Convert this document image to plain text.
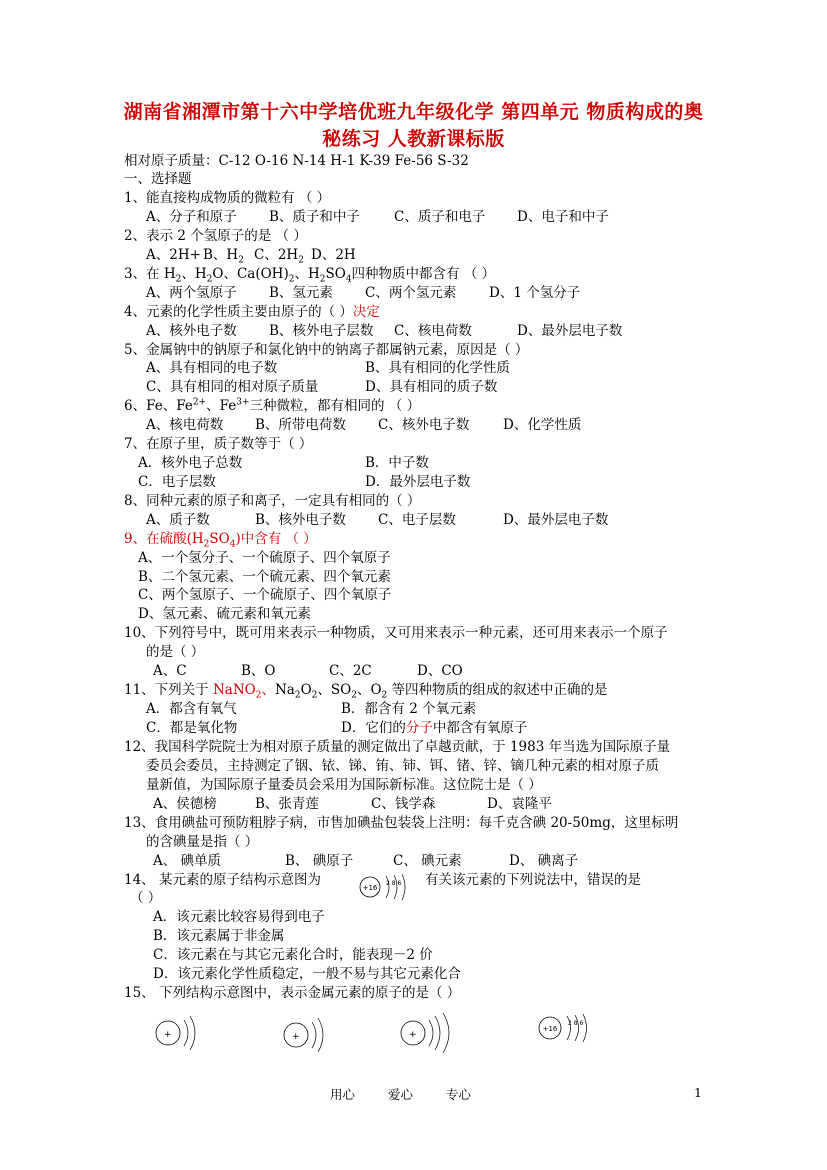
湖南省湘潭市第十六中学培优班九年级化学 第四单元 物质构成的奥
秘练习 人教新课标版
相对原子质量：C-12 O-16 N-14 H-1 K-39 Fe-56 S-32
一、选择题
1、能直接构成物质的微粒有 （ ）
A、分子和原子 B、质子和中子	C、质子和电子 D、电子和中子
2、表示 2 个氢原子的是 （ ）
A、2H+ B、$H_2$ C、$2H_2$ D、2H
3、在 $H_2$、$H_2O$、$Ca(OH)_2$、$H_2SO_4$四种物质中都含有 （ ）
A、两个氢原子 B、氢元素 C、两个氢元素 D、1 个氢分子
4、元素的化学性质主要由原子的（ ）决定
A、核外电子数 B、核外电子层数 C、核电荷数	D、最外层电子数
5、金属钠中的钠原子和氯化钠中的钠离子都属钠元素，原因是（ ）
A、具有相同的电子数	B、具有相同的化学性质
C、具有相同的相对原子质量	D、具有相同的质子数
6、Fe、$Fe^{2+}$、$Fe^{3+}$三种微粒，都有相同的 （ ）
A、核电荷数 B、所带电荷数 C、核外电子数 D、化学性质
7、在原子里，质子数等于（ ）
A．核外电子总数	B．中子数
C．电子层数	D．最外层电子数
8、同种元素的原子和离子，一定具有相同的（ ）
A、质子数	B、核外电子数 C、电子层数	D、最外层电子数
9、在硫酸$(H_2SO_4)$中含有 （ ）
A、一个氢分子、一个硫原子、四个氧原子
B、二个氢元素、一个硫元素、四个氧元素
C、两个氢原子、一个硫原子、四个氧原子
D、氢元素、硫元素和氧元素
10、下列符号中，既可用来表示一种物质，又可用来表示一种元素，还可用来表示一个原子
的是（ ）
A、C	B、O	C、2C	D、CO
11、下列关于 NaNO$_2$、$Na_2O_2$、$SO_2$、$O_2$ 等四种物质的组成的叙述中正确的是
A．都含有氧气	B．都含有 2 个氧元素
C．都是氧化物	D．它们的分子中都含有氧原子
12、我国科学院院士为相对原子质量的测定做出了卓越贡献，于 1983 年当选为国际原子量
委员会委员，主持测定了铟、铱、锑、铕、铈、铒、锗、锌、镝几种元素的相对原子质
量新值，为国际原子量委员会采用为国际新标准。这位院士是（ ）
A、侯德榜	B、张青莲	C、钱学森	D、袁隆平
13、食用碘盐可预防粗脖子病，市售加碘盐包装袋上注明：每千克含碘 20-50mg，这里标明
的含碘量是指（ ）
A、 碘单质	B、 碘原子	C、 碘元素	D、 碘离子
14、 某元素的原子结构示意图为	+16
2 8 6 有关该元素的下列说法中，错误的是
（ ）
A．该元素比较容易得到电子
B．该元素属于非金属
C．该元素在与其它元素化合时，能表现－2 价
D．该元素化学性质稳定，一般不易与其它元素化合
15、 下列结构示意图中，表示金属元素的原子的是（ ）
+	+	+
+16
2 8 6
用心	爱心	专心	1
